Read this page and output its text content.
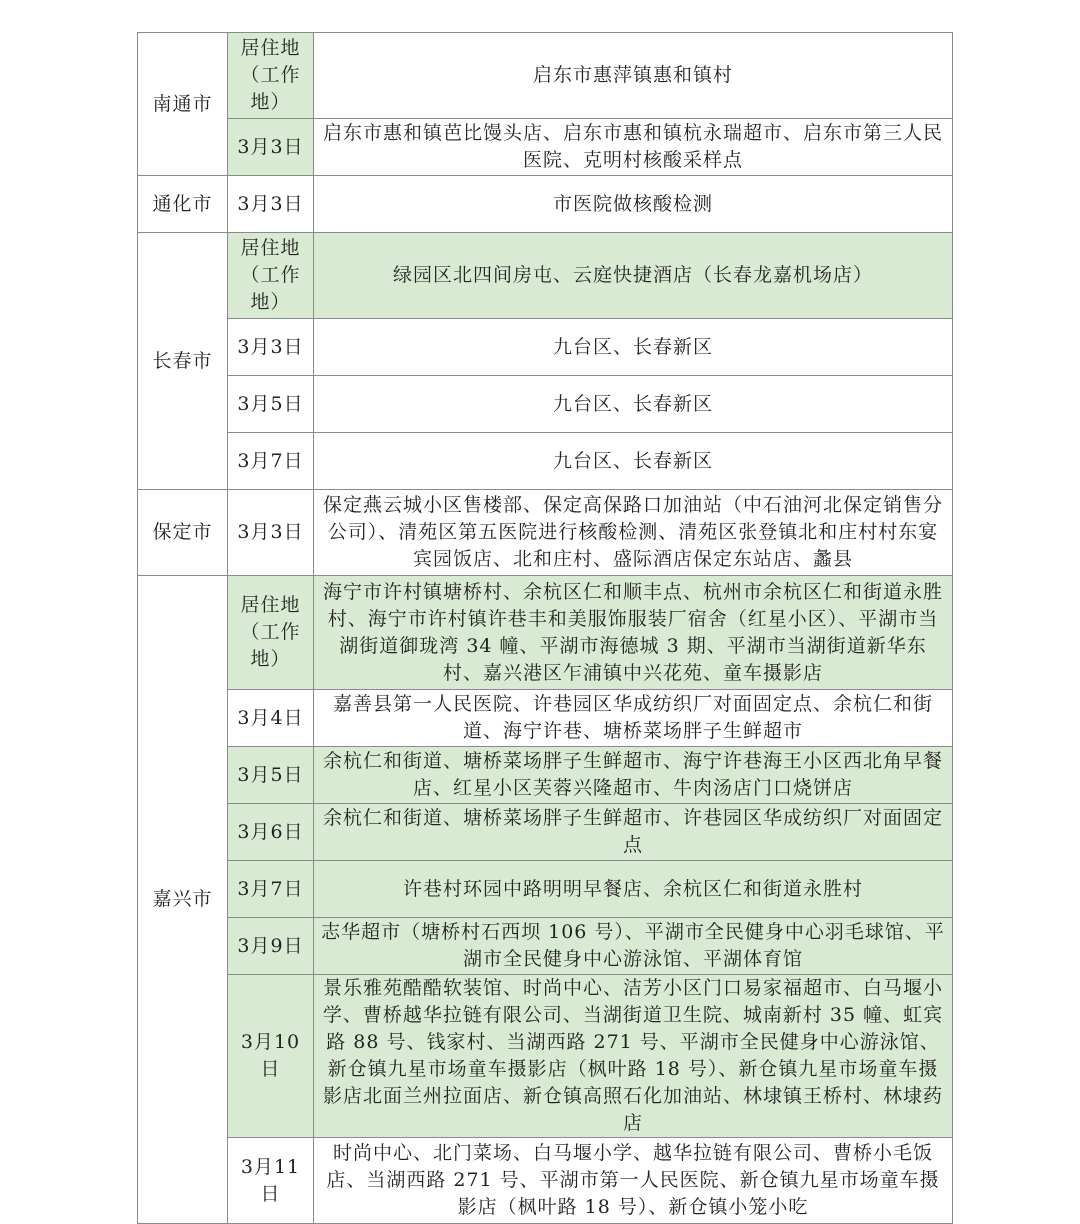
南通市	居住地（工作地）	启东市惠萍镇惠和镇村
	3月3日	启东市惠和镇芭比馒头店、启东市惠和镇杭永瑞超市、启东市第三人民医院、克明村核酸采样点
通化市	3月3日	市医院做核酸检测
长春市	居住地（工作地）	绿园区北四间房屯、云庭快捷酒店（长春龙嘉机场店）
	3月3日	九台区、长春新区
	3月5日	九台区、长春新区
	3月7日	九台区、长春新区
保定市	3月3日	保定燕云城小区售楼部、保定高保路口加油站（中石油河北保定销售分公司）、清苑区第五医院进行核酸检测、清苑区张登镇北和庄村村东宴宾园饭店、北和庄村、盛际酒店保定东站店、蠡县
嘉兴市	居住地（工作地）	海宁市许村镇塘桥村、余杭区仁和顺丰点、杭州市余杭区仁和街道永胜村、海宁市许村镇许巷丰和美服饰服装厂宿舍（红星小区）、平湖市当湖街道御珑湾 34 幢、平湖市海德城 3 期、平湖市当湖街道新华东村、嘉兴港区乍浦镇中兴花苑、童车摄影店
	3月4日	嘉善县第一人民医院、许巷园区华成纺织厂对面固定点、余杭仁和街道、海宁许巷、塘桥菜场胖子生鲜超市
	3月5日	余杭仁和街道、塘桥菜场胖子生鲜超市、海宁许巷海王小区西北角早餐店、红星小区芙蓉兴隆超市、牛肉汤店门口烧饼店
	3月6日	余杭仁和街道、塘桥菜场胖子生鲜超市、许巷园区华成纺织厂对面固定点
	3月7日	许巷村环园中路明明早餐店、余杭区仁和街道永胜村
	3月9日	志华超市（塘桥村石西坝 106 号）、平湖市全民健身中心羽毛球馆、平湖市全民健身中心游泳馆、平湖体育馆
	3月10日	景乐雅苑酷酷软装馆、时尚中心、洁芳小区门口易家福超市、白马堰小学、曹桥越华拉链有限公司、当湖街道卫生院、城南新村 35 幢、虹宾路 88 号、钱家村、当湖西路 271 号、平湖市全民健身中心游泳馆、新仓镇九星市场童车摄影店（枫叶路 18 号）、新仓镇九星市场童车摄影店北面兰州拉面店、新仓镇高照石化加油站、林埭镇王桥村、林埭药店
	3月11日	时尚中心、北门菜场、白马堰小学、越华拉链有限公司、曹桥小毛饭店、当湖西路 271 号、平湖市第一人民医院、新仓镇九星市场童车摄影店（枫叶路 18 号）、新仓镇小笼小吃
